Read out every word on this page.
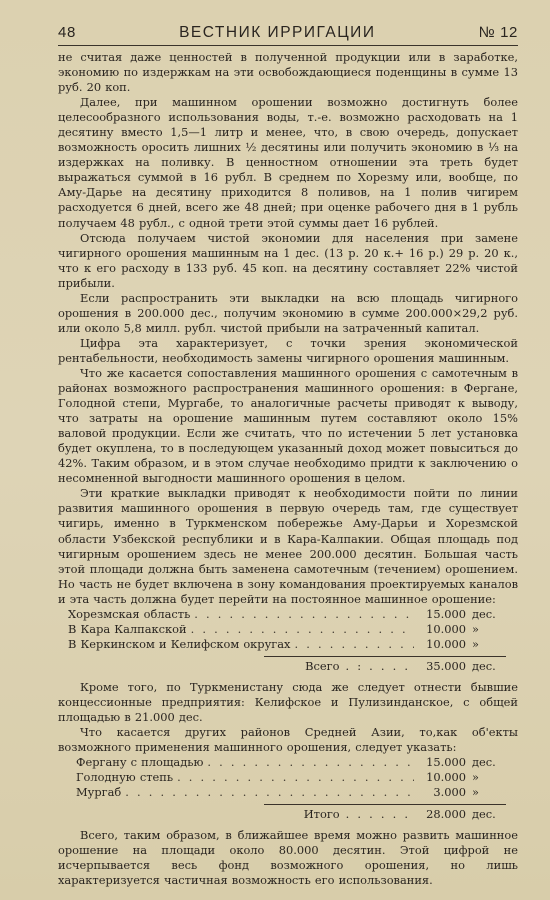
48	ВЕСТНИК ИРРИГАЦИИ	№ 12

не считая даже ценностей в полученной продукции или в заработке, экономию по издержкам на эти освобождающиеся поденщины в сумме 13 руб. 20 коп.

Далее, при машинном орошении возможно достигнуть более целесообразного использования воды, т.-е. возможно расходовать на 1 десятину вместо 1,5—1 литр и менее, что, в свою очередь, допускает возможность оросить лишних ½ десятины или получить экономию в ⅓ на издержках на поливку. В ценностном отношении эта треть будет выражаться суммой в 16 рубл. В среднем по Хорезму или, вообще, по Аму-Дарье на десятину приходится 8 поливов, на 1 полив чигирем расходуется 6 дней, всего же 48 дней; при оценке рабочего дня в 1 рубль получаем 48 рубл., с одной трети этой суммы дает 16 рублей.

Отсюда получаем чистой экономии для населения при замене чигирного орошения машинным на 1 дес. (13 р. 20 к.+ 16 р.) 29 р. 20 к., что к его расходу в 133 руб. 45 коп. на десятину составляет 22% чистой прибыли.

Если распространить эти выкладки на всю площадь чигирного орошения в 200.000 дес., получим экономию в сумме 200.000×29,2 руб. или около 5,8 милл. рубл. чистой прибыли на затраченный капитал.

Цифра эта характеризует, с точки зрения экономической рентабельности, необходимость замены чигирного орошения машинным.

Что же касается сопоставления машинного орошения с самотечным в районах возможного распространения машинного орошения: в Фергане, Голодной степи, Мургабе, то аналогичные расчеты приводят к выводу, что затраты на орошение машинным путем составляют около 15% валовой продукции. Если же считать, что по истечении 5 лет установка будет окуплена, то в последующем указанный доход может повыситься до 42%. Таким образом, и в этом случае необходимо придти к заключению о несомненной выгодности машинного орошения в целом.

Эти краткие выкладки приводят к необходимости пойти по линии развития машинного орошения в первую очередь там, где существует чигирь, именно в Туркменском побережье Аму-Дарьи и Хорезмской области Узбекской республики и в Кара-Калпакии. Общая площадь под чигирным орошением здесь не менее 200.000 десятин. Большая часть этой площади должна быть заменена самотечным (течением) орошением. Но часть не будет включена в зону командования проектируемых каналов и эта часть должна будет перейти на постоянное машинное орошение:

Хорезмская область . . .	15.000 дес.
В Кара Калпакской . . .	10.000 »
В Керкинском и Келифском округах . . .	10.000 »
Всего . : . . . .	35.000 дес.

Кроме того, по Туркменистану сюда же следует отнести бывшие концессионные предприятия: Келифское и Пулизинданское, с общей площадью в 21.000 дес.

Что касается других районов Средней Азии, то,как об'екты возможного применения машинного орошения, следует указать:

Фергану с площадью . . .	15.000 дес.
Голодную степь . . .	10.000 »
Мургаб . . .	3.000 »
Итого . . . . . .	28.000 дес.

Всего, таким образом, в ближайшее время можно развить машинное орошение на площади около 80.000 десятин. Этой цифрой не исчерпывается весь фонд возможного орошения, но лишь характеризуется частичная возможность его использования.
